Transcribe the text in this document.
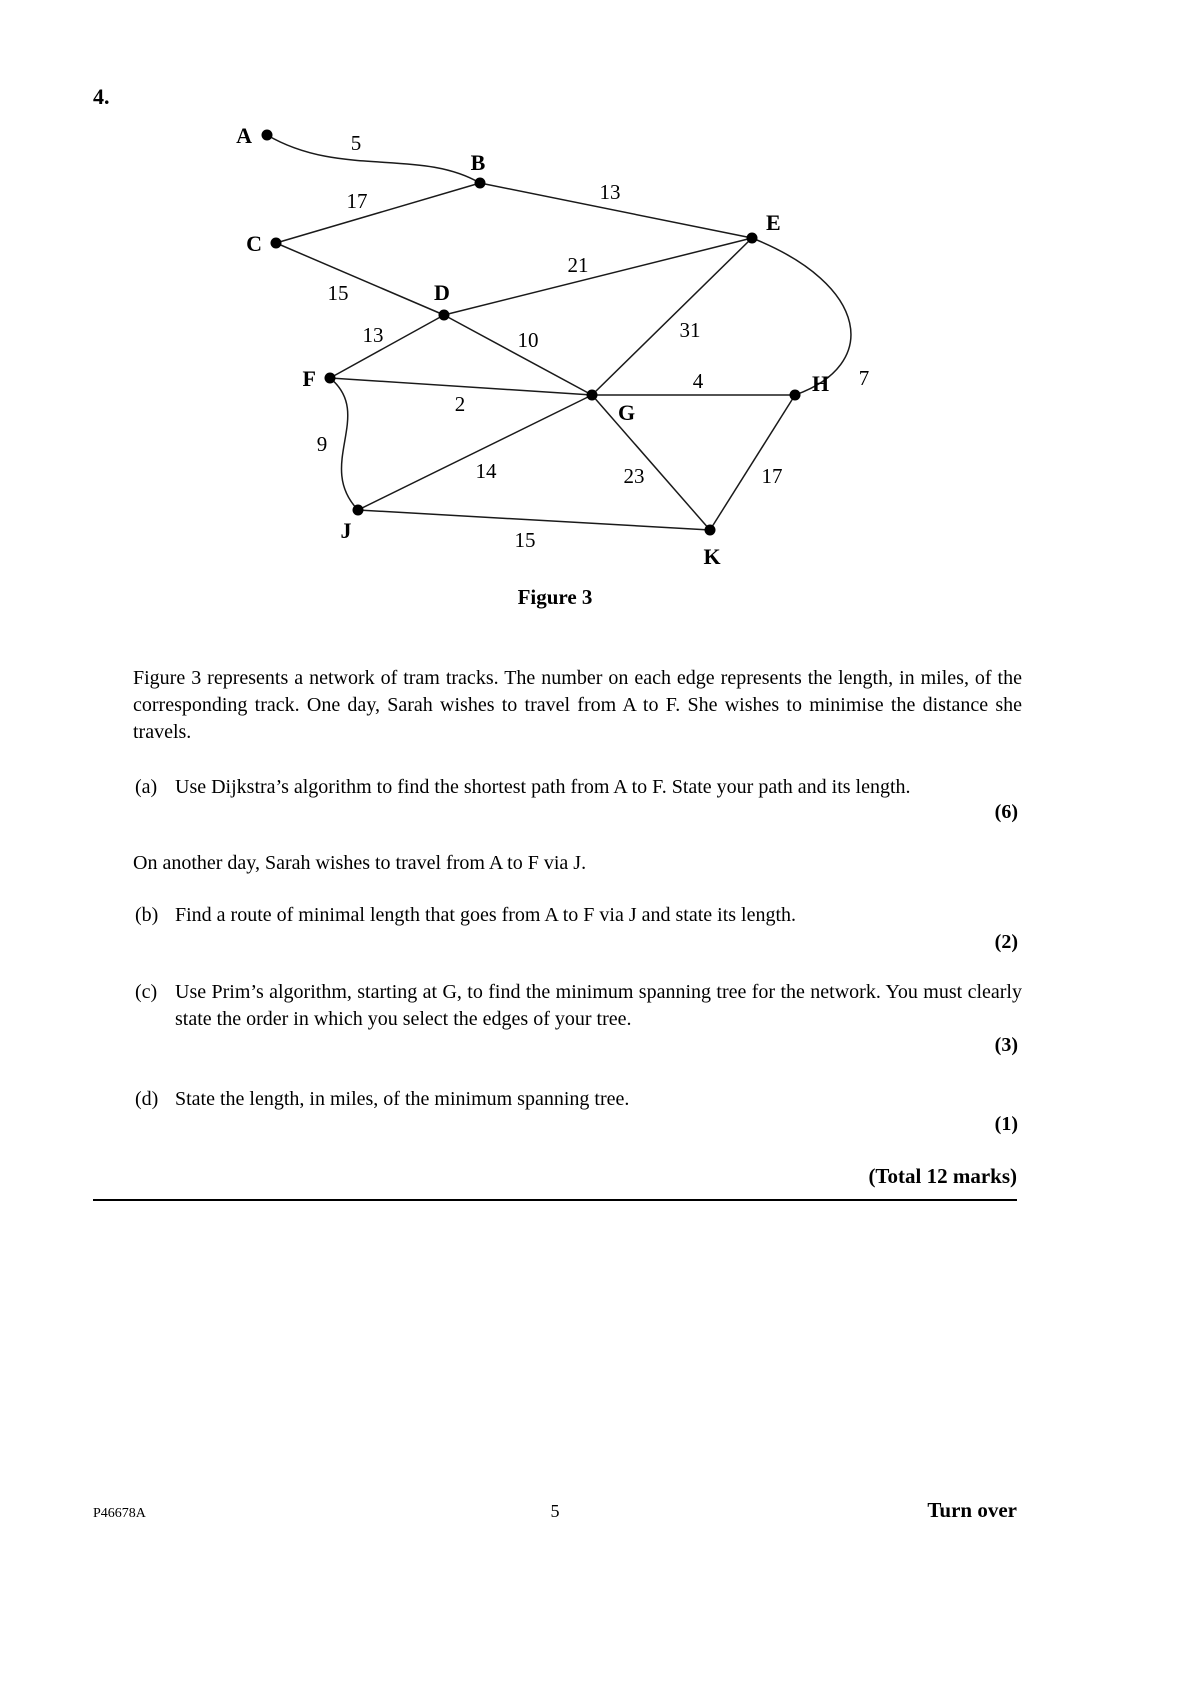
4.
5
17	13
15
21
13	10	31
7
2
9
4
14	23	17
15
A
B
C
D
E
F
G
H
J
K
Figure 3
Figure 3 represents a network of tram tracks. The number on each edge represents the length, in miles, of the corresponding track. One day, Sarah wishes to travel from A to F. She wishes to minimise the distance she travels.
(a) Use Dijkstra’s algorithm to find the shortest path from A to F. State your path and its length.
(6)
On another day, Sarah wishes to travel from A to F via J.
(b) Find a route of minimal length that goes from A to F via J and state its length.
(2)
(c) Use Prim’s algorithm, starting at G, to find the minimum spanning tree for the network. You must clearly state the order in which you select the edges of your tree.
(3)
(d) State the length, in miles, of the minimum spanning tree.
(1)
(Total 12 marks)
P46678A	5	Turn over
